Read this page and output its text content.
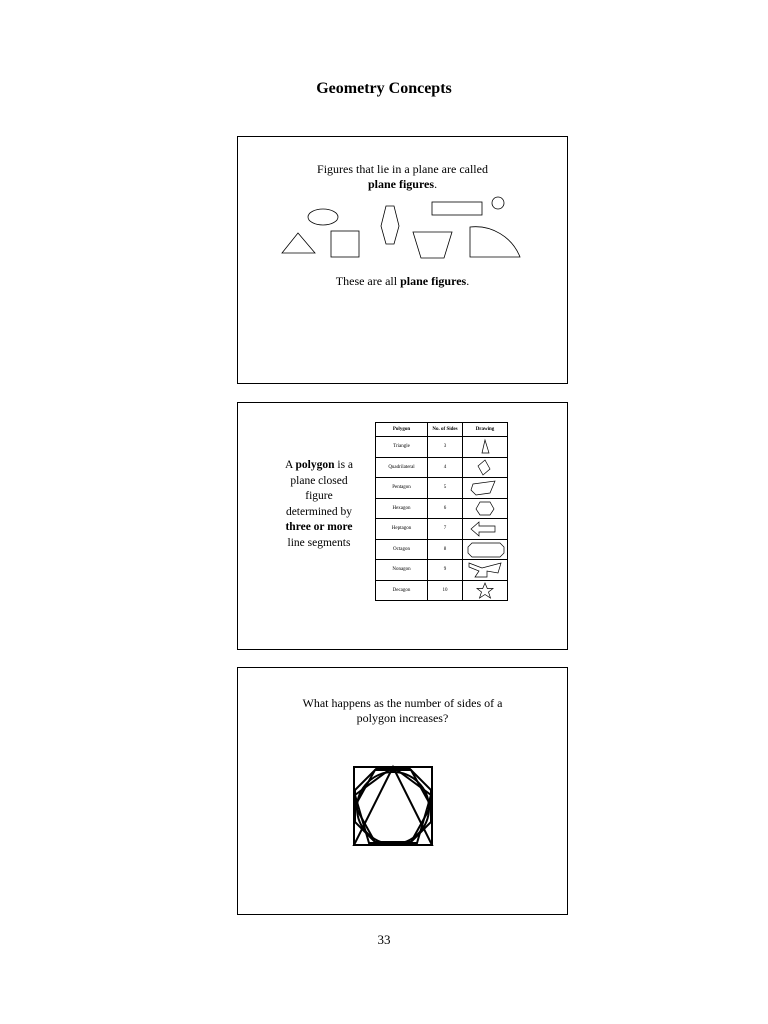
Geometry Concepts
Figures that lie in a plane are called
plane figures.
These are all plane figures.
A polygon is a
plane closed
figure
determined by
three or more
line segments
Polygon	No. of Sides	Drawing
Triangle	3	

Quadrilateral	4	

Pentagon	5	

Hexagon	6	

Heptagon	7	

Octagon	8	

Nonagon	9	

Decagon	10	
What happens as the number of sides of a
polygon increases?
33
